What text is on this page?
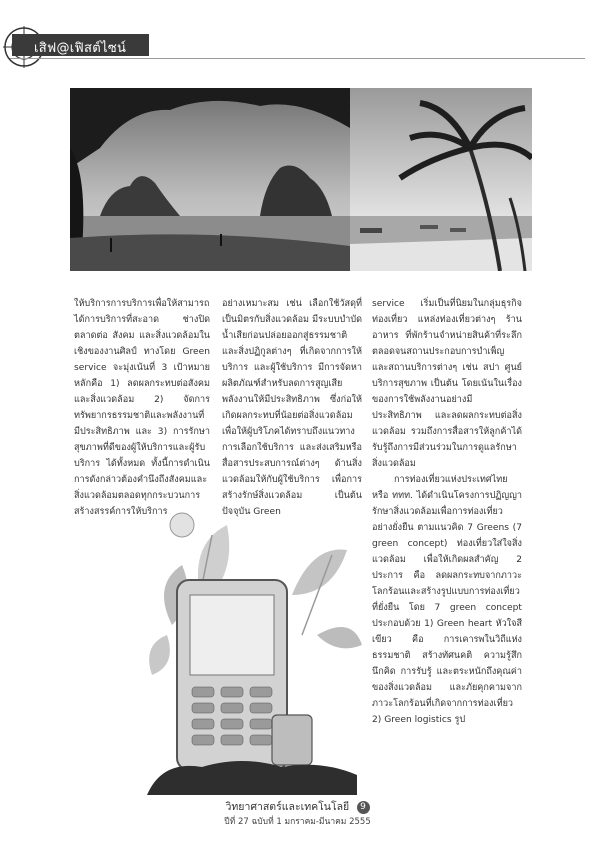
เสิฟ@เฟิสต์ไซน์

ให้บริการการบริการเพื่อให้สามารถได้การบริการที่สะอาด ช่างปิดตลาดต่อ สังคม และสิ่งแวดล้อมในเชิงของงานศิลป์ ทางโดย Green service จะมุ่งเน้นที่ 3 เป้าหมายหลักคือ 1) ลดผลกระทบต่อสังคมและสิ่งแวดล้อม 2) จัดการทรัพยากรธรรมชาติและพลังงานที่มีประสิทธิภาพ และ 3) การรักษาสุขภาพที่ดีของผู้ให้บริการและผู้รับบริการ ได้ทั้งหมด ทั้งนี้การดำเนินการดังกล่าวต้องคำนึงถึงสังคมและสิ่งแวดล้อมตลอดทุกกระบวนการสร้างสรรค์การให้บริการ

อย่างเหมาะสม เช่น เลือกใช้วัสดุที่เป็นมิตรกับสิ่งแวดล้อม มีระบบบำบัดน้ำเสียก่อนปล่อยออกสู่ธรรมชาติ และสิ่งปฏิกูลต่างๆ ที่เกิดจากการให้บริการ และผู้ใช้บริการ มีการจัดหาผลิตภัณฑ์สำหรับลดการสูญเสียพลังงานให้มีประสิทธิภาพ ซึ่งก่อให้เกิดผลกระทบที่น้อยต่อสิ่งแวดล้อม เพื่อให้ผู้บริโภคได้ทราบถึงแนวทางการเลือกใช้บริการ และส่งเสริมหรือสื่อสารประสบการณ์ต่างๆ ด้านสิ่งแวดล้อมให้กับผู้ใช้บริการ เพื่อการสร้างรักษ์สิ่งแวดล้อม เป็นต้น ปัจจุบัน Green

service เริ่มเป็นที่นิยมในกลุ่มธุรกิจท่องเที่ยว แหล่งท่องเที่ยวต่างๆ ร้านอาหาร ที่พักร้านจำหน่ายสินค้าที่ระลึก ตลอดจนสถานประกอบการบำเพ็ญ และสถานบริการต่างๆ เช่น สปา ศูนย์บริการสุขภาพ เป็นต้น โดยเน้นในเรื่องของการใช้พลังงานอย่างมีประสิทธิภาพ และลดผลกระทบต่อสิ่งแวดล้อม รวมถึงการสื่อสารให้ลูกค้าได้รับรู้ถึงการมีส่วนร่วมในการดูแลรักษาสิ่งแวดล้อม

การท่องเที่ยวแห่งประเทศไทย หรือ ททท. ได้ดำเนินโครงการปฏิญญารักษาสิ่งแวดล้อมเพื่อการท่องเที่ยวอย่างยั่งยืน ตามแนวคิด 7 Greens (7 green concept) ท่องเที่ยวใส่ใจสิ่งแวดล้อม เพื่อให้เกิดผลสำคัญ 2 ประการ คือ ลดผลกระทบจากภาวะโลกร้อนและสร้างรูปแบบการท่องเที่ยวที่ยั่งยืน โดย 7 green concept ประกอบด้วย 1) Green heart หัวใจสีเขียว คือ การเคารพในวิถีแห่งธรรมชาติ สร้างทัศนคติ ความรู้สึกนึกคิด การรับรู้ และตระหนักถึงคุณค่าของสิ่งแวดล้อม และภัยคุกคามจากภาวะโลกร้อนที่เกิดจากการท่องเที่ยว 2) Green logistics รูป

วิทยาศาสตร์และเทคโนโลยี 9
ปีที่ 27 ฉบับที่ 1 มกราคม-มีนาคม 2555
